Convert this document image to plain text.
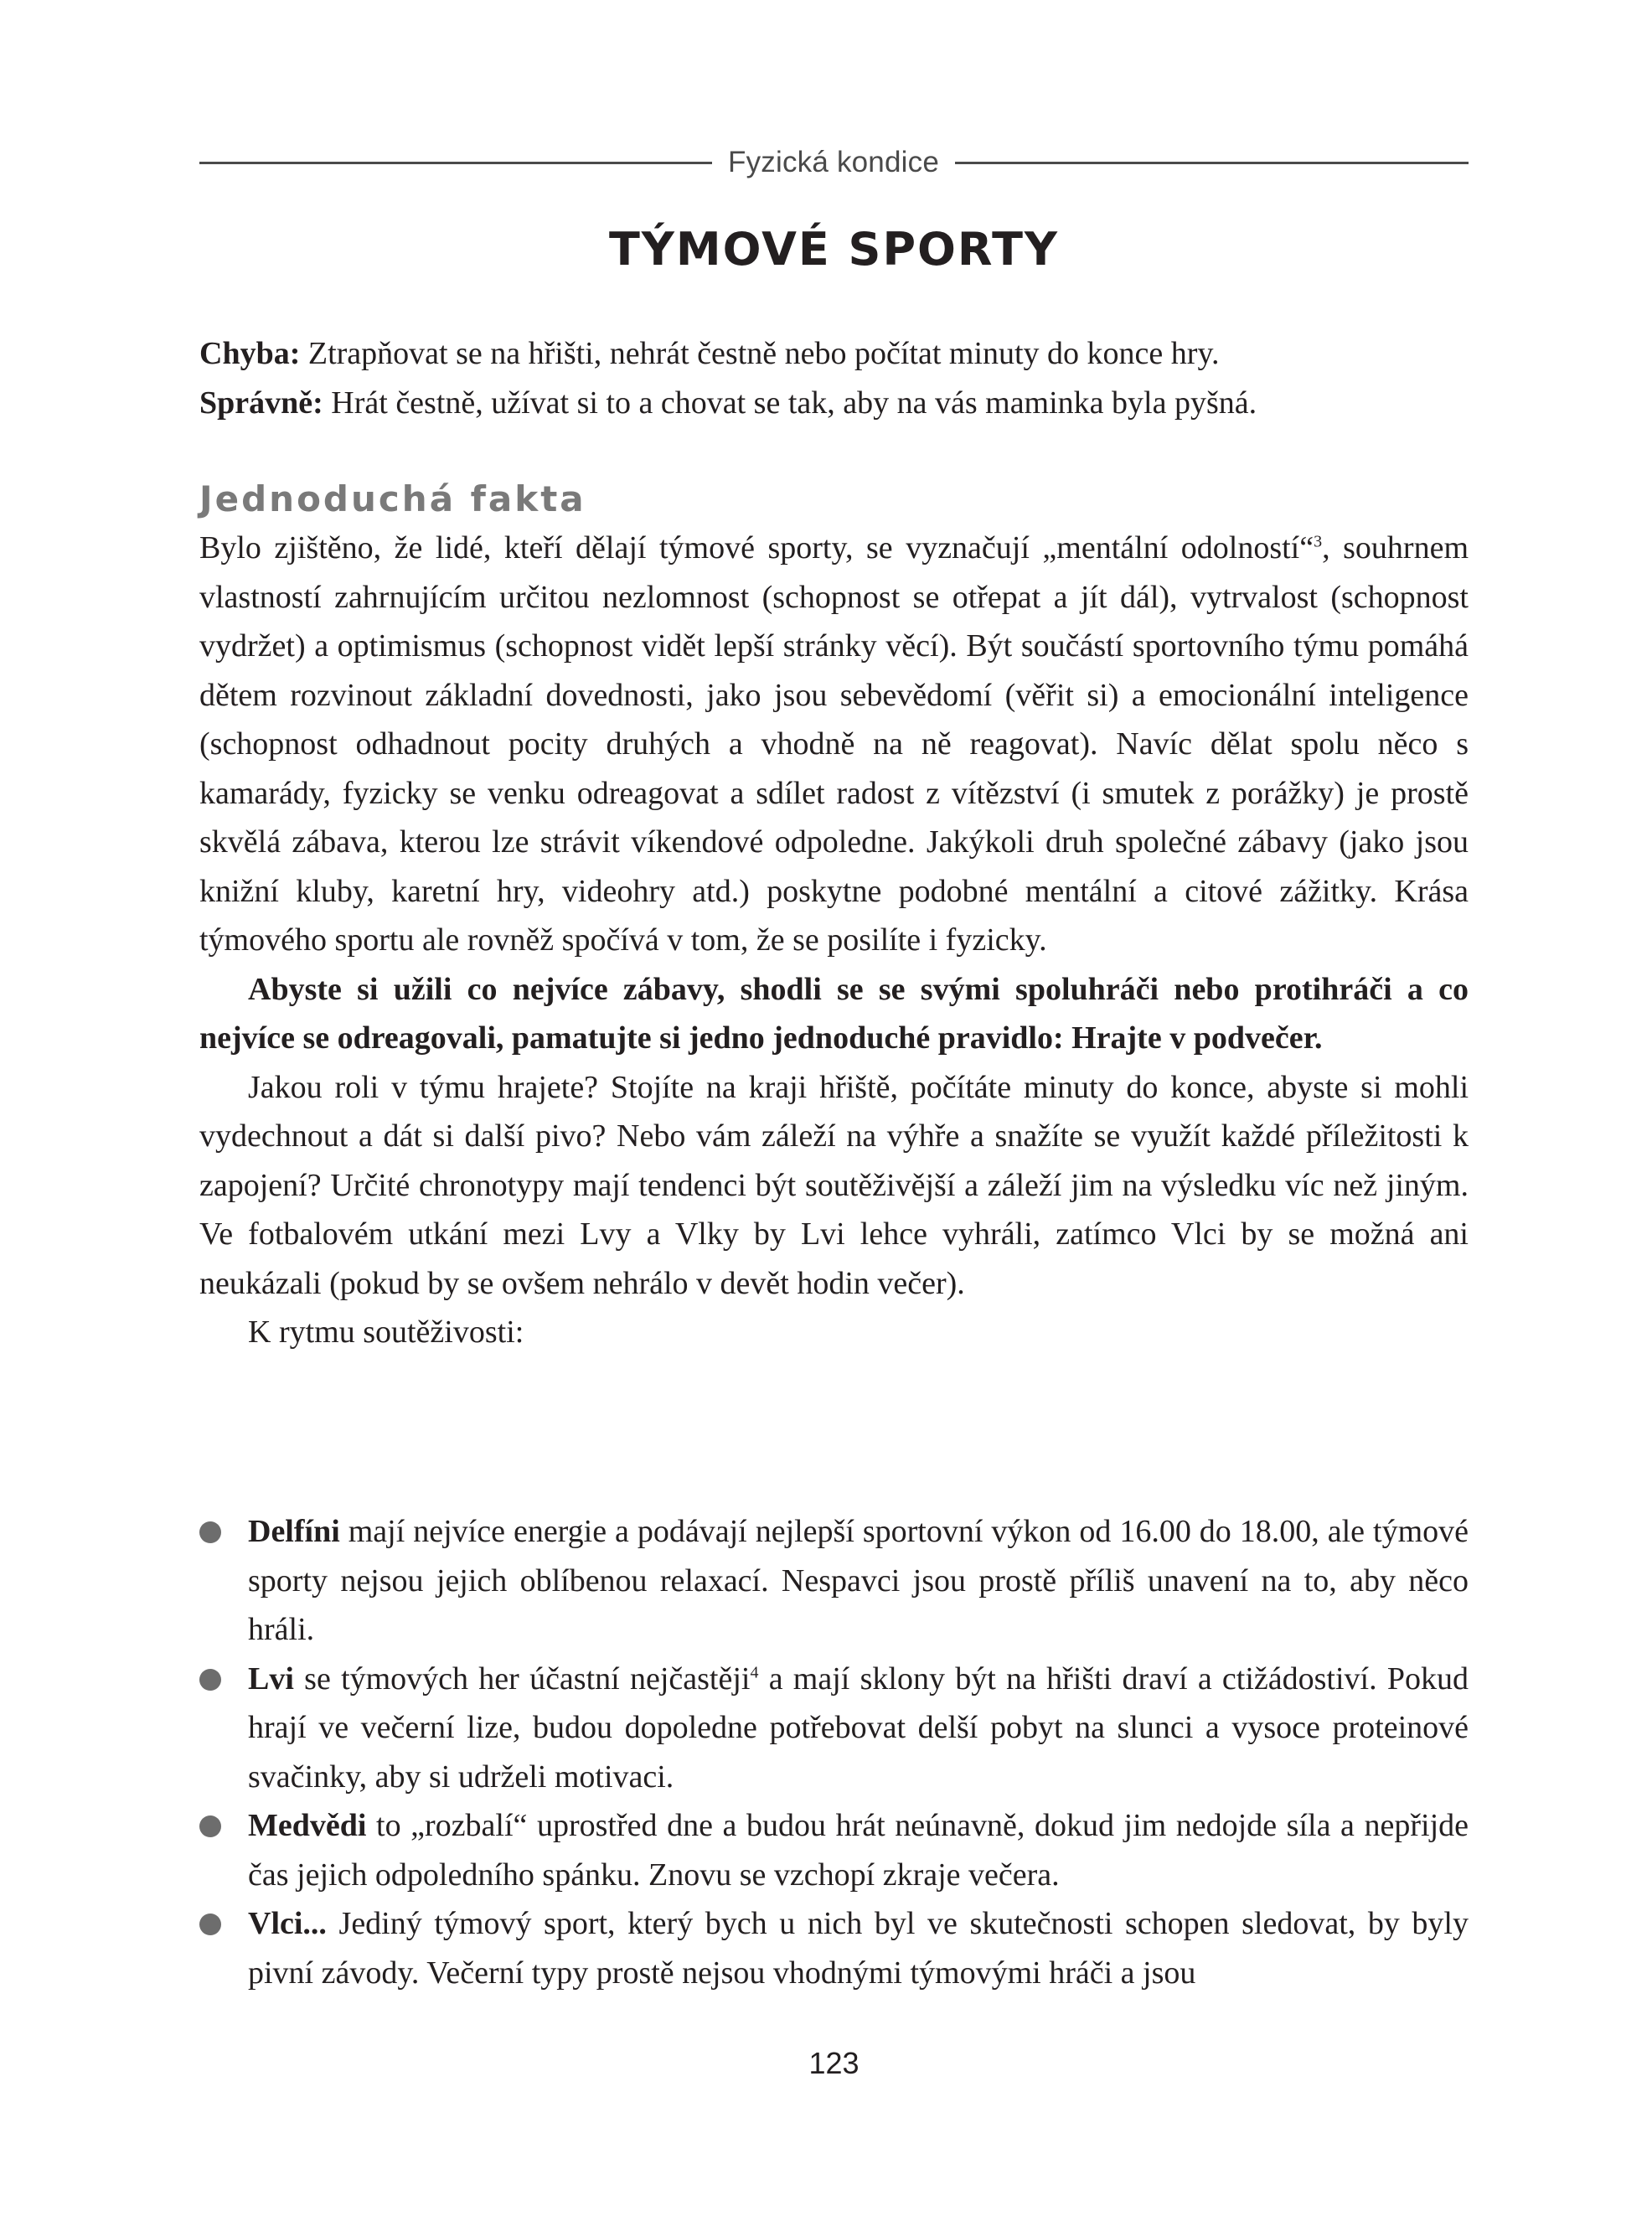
Fyzická kondice
TÝMOVÉ SPORTY

Chyba: Ztrapňovat se na hřišti, nehrát čestně nebo počítat minuty do konce hry.

Správně: Hrát čestně, užívat si to a chovat se tak, aby na vás maminka byla pyšná.

Jednoduchá fakta

Bylo zjištěno, že lidé, kteří dělají týmové sporty, se vyznačují „mentální odolností“$^3$, souhrnem vlastností zahrnujícím určitou nezlomnost (schopnost se otřepat a jít dál), vytrvalost (schopnost vydržet) a optimismus (schopnost vidět lepší stránky věcí). Být součástí sportovního týmu pomáhá dětem rozvinout základní dovednosti, jako jsou sebevědomí (věřit si) a emocionální inteligence (schopnost odhadnout pocity druhých a vhodně na ně reagovat). Navíc dělat spolu něco s kamarády, fyzicky se venku odreagovat a sdílet radost z vítězství (i smutek z porážky) je prostě skvělá zábava, kterou lze strávit víkendové odpoledne. Jakýkoli druh společné zábavy (jako jsou knižní kluby, karetní hry, videohry atd.) poskytne podobné mentální a citové zážitky. Krása týmového sportu ale rovněž spočívá v tom, že se posilíte i fyzicky.

Abyste si užili co nejvíce zábavy, shodli se se svými spoluhráči nebo protihráči a co nejvíce se odreagovali, pamatujte si jedno jednoduché pravidlo: Hrajte v podvečer.

Jakou roli v týmu hrajete? Stojíte na kraji hřiště, počítáte minuty do konce, abyste si mohli vydechnout a dát si další pivo? Nebo vám záleží na výhře a snažíte se využít každé příležitosti k zapojení? Určité chronotypy mají tendenci být soutěživější a záleží jim na výsledku víc než jiným. Ve fotbalovém utkání mezi Lvy a Vlky by Lvi lehce vyhráli, zatímco Vlci by se možná ani neukázali (pokud by se ovšem nehrálo v devět hodin večer).

K rytmu soutěživosti:

Delfíni mají nejvíce energie a podávají nejlepší sportovní výkon od 16.00 do 18.00, ale týmové sporty nejsou jejich oblíbenou relaxací. Nespavci jsou prostě příliš unavení na to, aby něco hráli.
Lvi se týmových her účastní nejčastěji$^4$ a mají sklony být na hřišti draví a ctižádostiví. Pokud hrají ve večerní lize, budou dopoledne potřebovat delší pobyt na slunci a vysoce proteinové svačinky, aby si udrželi motivaci.
Medvědi to „rozbalí“ uprostřed dne a budou hrát neúnavně, dokud jim nedojde síla a nepřijde čas jejich odpoledního spánku. Znovu se vzchopí zkraje večera.
Vlci... Jediný týmový sport, který bych u nich byl ve skutečnosti schopen sledovat, by byly pivní závody. Večerní typy prostě nejsou vhodnými týmovými hráči a jsou
123
